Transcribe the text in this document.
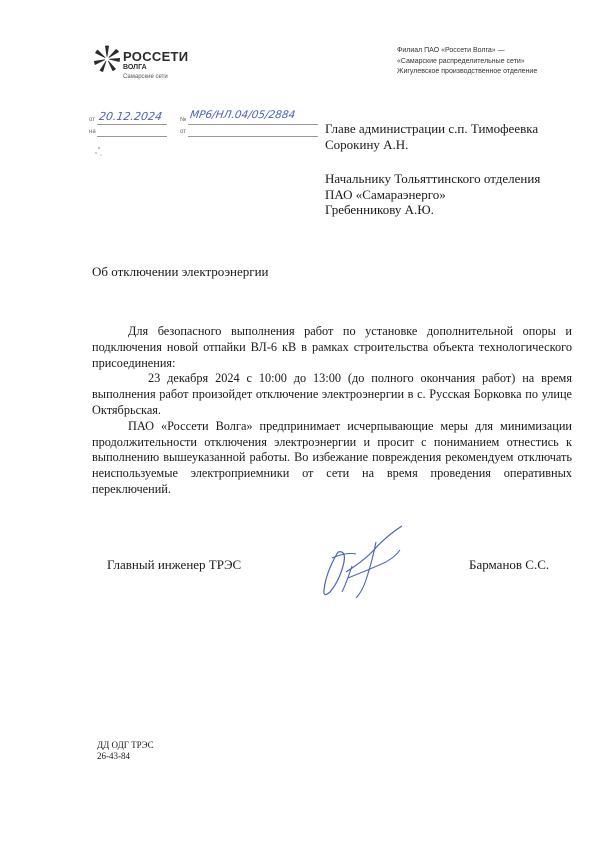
РОССЕТИ
ВОЛГА
Самарские сети
Филиал ПАО «Россети Волга» —
«Самарские распределительные сети»
Жигулевское производственное отделение
от 20.12.2024	№ МР6/НЛ.04/05/2884
на	от	Главе администрации с.п. Тимофеевка
Сорокину А.Н.
Начальнику Тольяттинского отделения
ПАО «Самараэнерго»
Гребенникову А.Ю.
Об отключении электроэнергии

Для безопасного выполнения работ по установке дополнительной опоры и подключения новой отпайки ВЛ-6 кВ в рамках строительства объекта технологического присоединения:

23 декабря 2024 с 10:00 до 13:00 (до полного окончания работ) на время выполнения работ произойдет отключение электроэнергии в с. Русская Борковка по улице Октябрьская.

ПАО «Россети Волга» предпринимает исчерпывающие меры для минимизации продолжительности отключения электроэнергии и просит с пониманием отнестись к выполнению вышеуказанной работы. Во избежание повреждения рекомендуем отключать неиспользуемые электроприемники от сети на время проведения оперативных переключений.

Главный инженер ТРЭС	Барманов С.С.
ДД ОДГ ТРЭС
26-43-84
